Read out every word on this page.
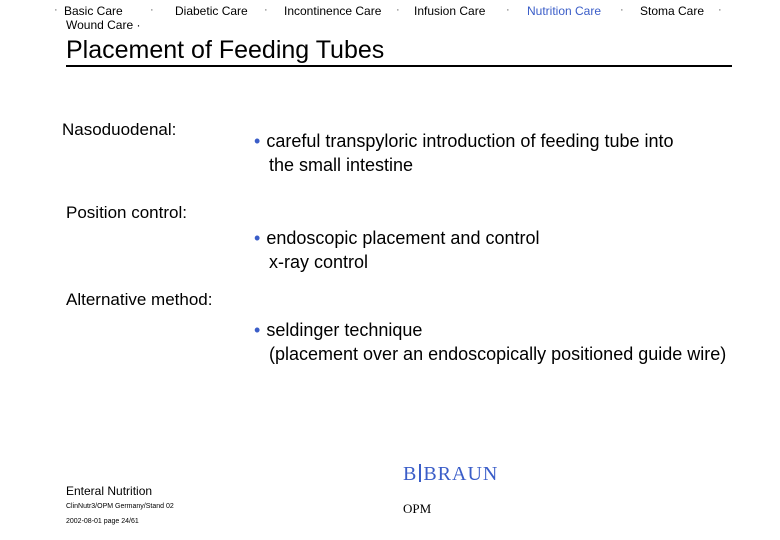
· Basic Care · Diabetic Care · Incontinence Care · Infusion Care · Nutrition Care · Stoma Care ·
Wound Care ·
Placement of Feeding Tubes
Nasoduodenal:
• careful transpyloric introduction of feeding tube into
the small intestine
Position control:
• endoscopic placement and control
x-ray control
Alternative method:
• seldinger technique
(placement over an endoscopically positioned guide wire)
Enteral Nutrition
ClinNutr3/OPM Germany/Stand 02
2002-08-01 page 24/61
B BRAUN
OPM
